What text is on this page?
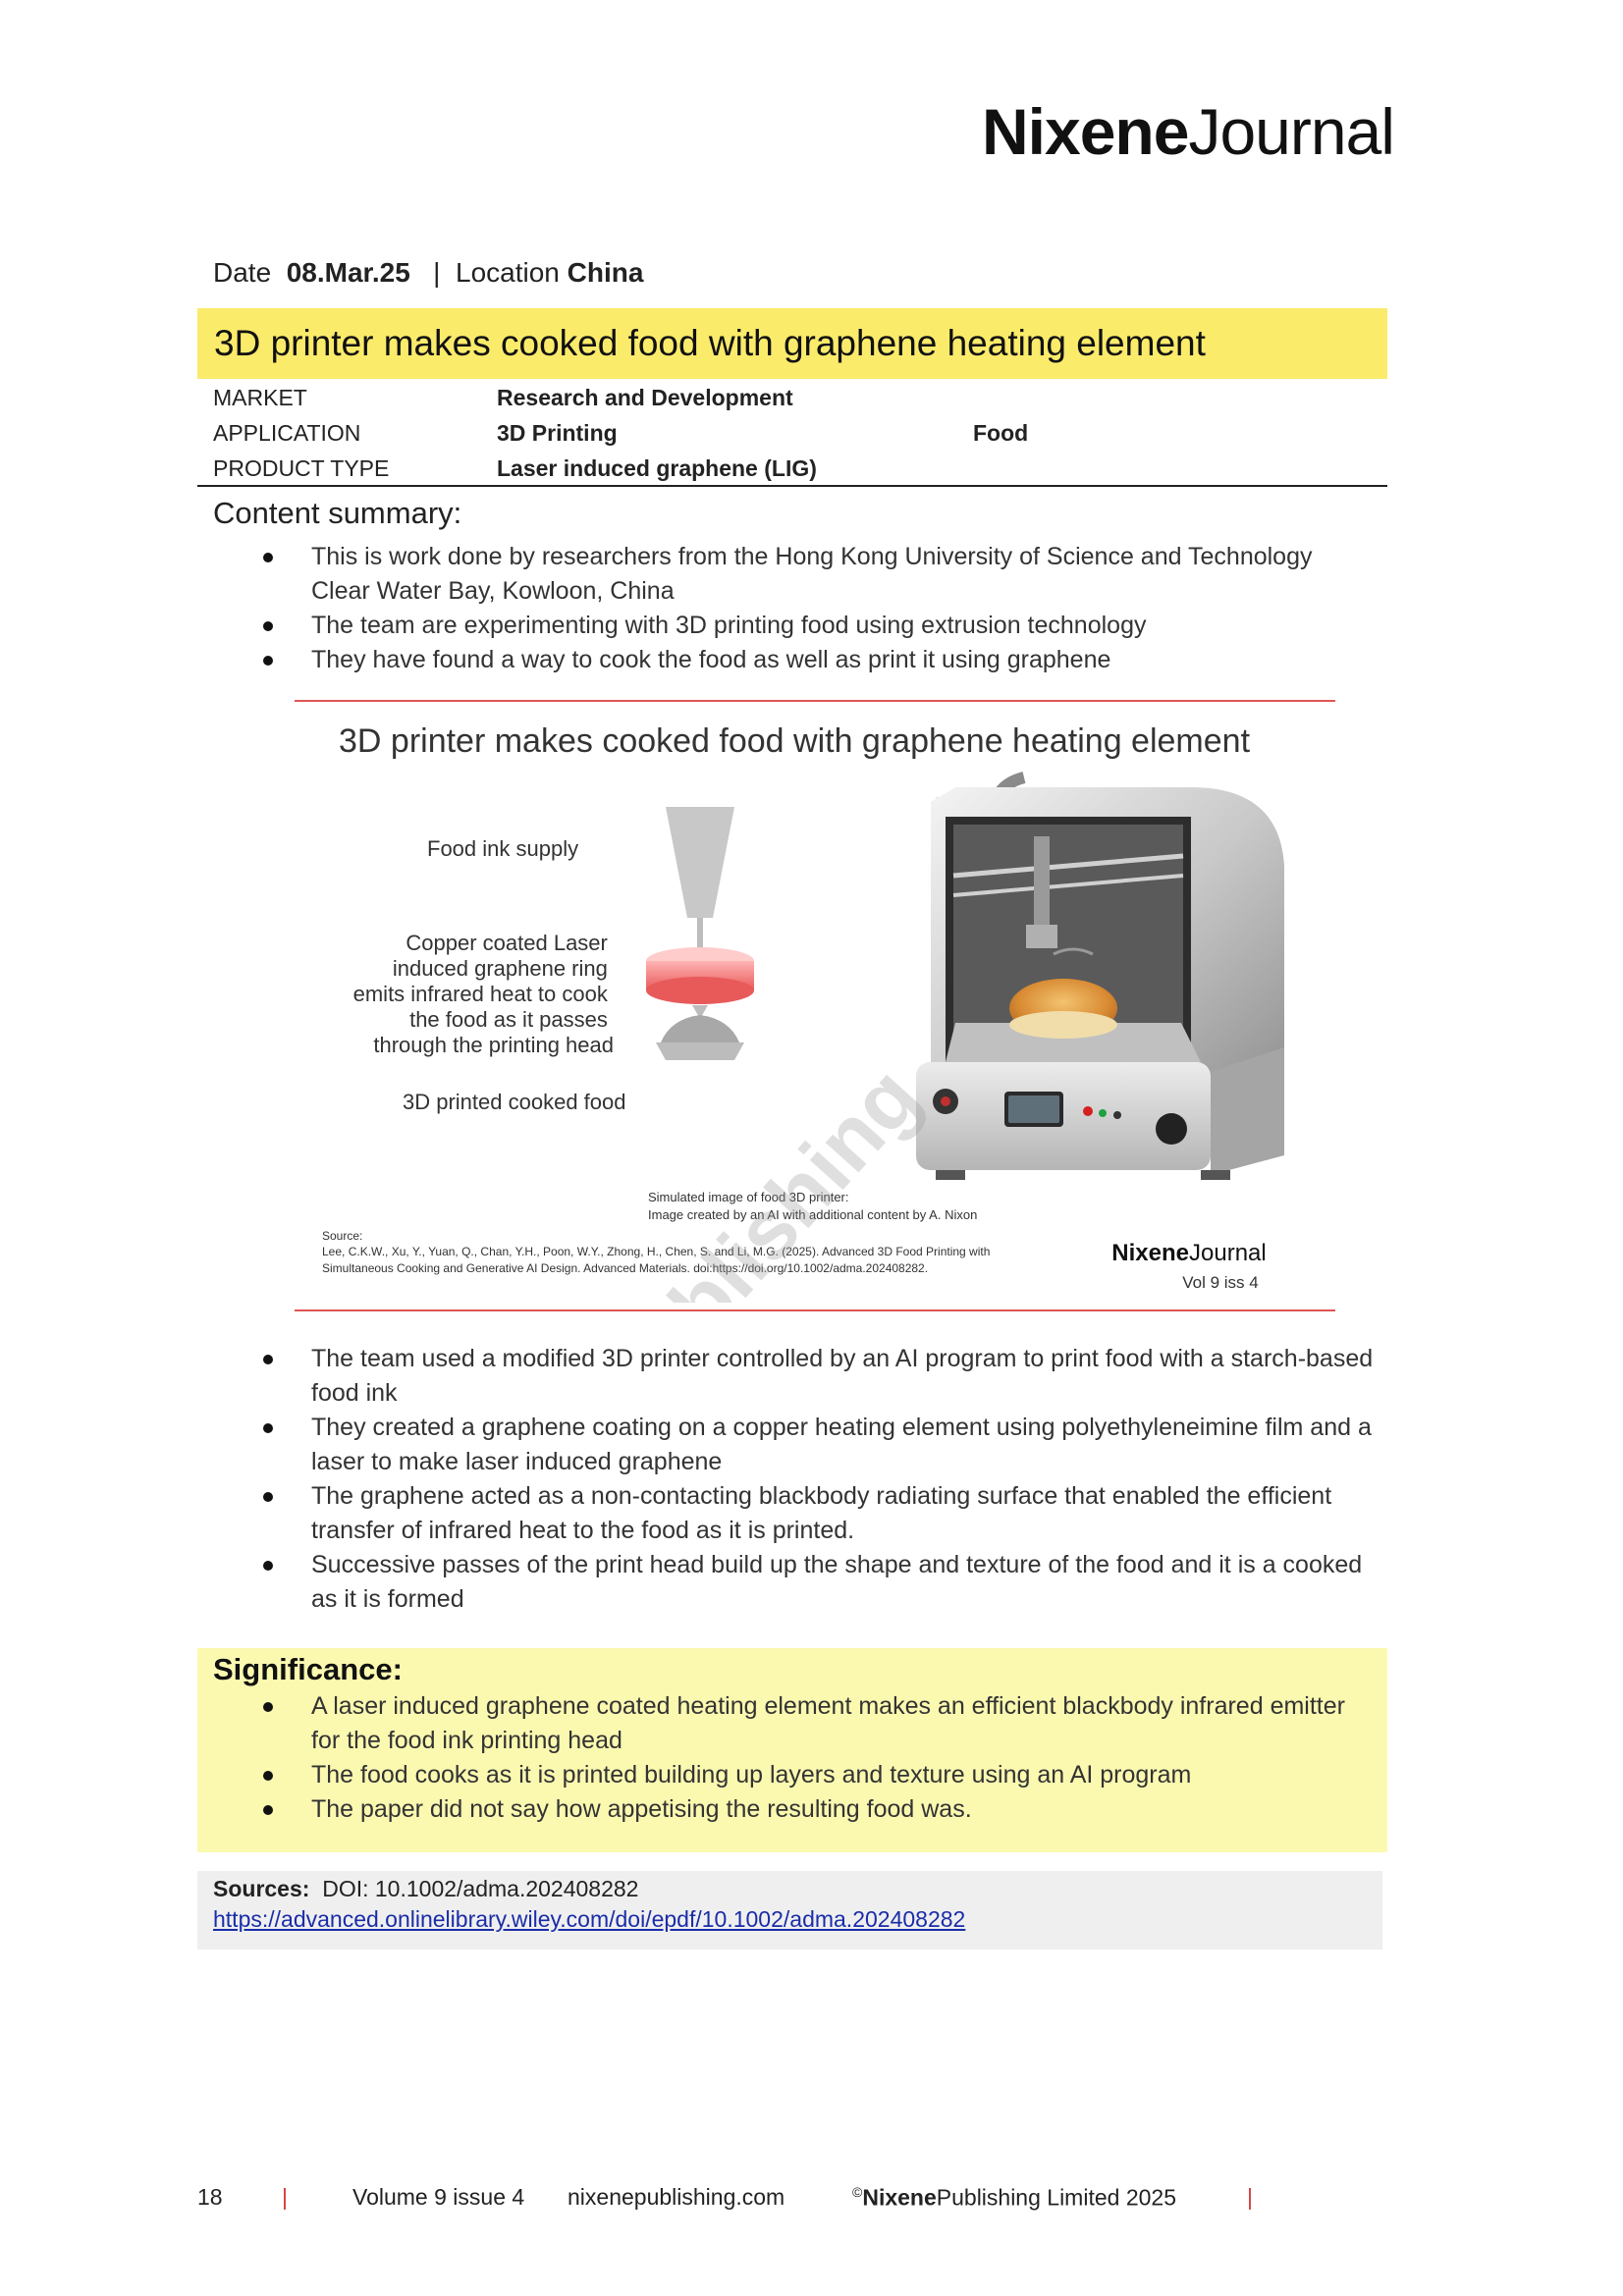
NixeneJournal
Date 08.Mar.25 | Location China
3D printer makes cooked food with graphene heating element
MARKET	Research and Development
APPLICATION	3D Printing	Food
PRODUCT TYPE	Laser induced graphene (LIG)
Content summary:
This is work done by researchers from the Hong Kong University of Science and Technology Clear Water Bay, Kowloon, China
The team are experimenting with 3D printing food using extrusion technology
They have found a way to cook the food as well as print it using graphene
3D printer makes cooked food with graphene heating element
Food ink supply
Copper coated Laser induced graphene ring emits infrared heat to cook the food as it passes through the printing head
3D printed cooked food
Simulated image of food 3D printer: Image created by an AI with additional content by A. Nixon
Source:
Lee, C.K.W., Xu, Y., Yuan, Q., Chan, Y.H., Poon, W.Y., Zhong, H., Chen, S. and Li, M.G. (2025). Advanced 3D Food Printing with Simultaneous Cooking and Generative AI Design. Advanced Materials. doi:https://doi.org/10.1002/adma.202408282.
Nixene Journal
Vol 9 iss 4
The team used a modified 3D printer controlled by an AI program to print food with a starch-based food ink
They created a graphene coating on a copper heating element using polyethyleneimine film and a laser to make laser induced graphene
The graphene acted as a non-contacting blackbody radiating surface that enabled the efficient transfer of infrared heat to the food as it is printed.
Successive passes of the print head build up the shape and texture of the food and it is a cooked as it is formed
Significance:
A laser induced graphene coated heating element makes an efficient blackbody infrared emitter for the food ink printing head
The food cooks as it is printed building up layers and texture using an AI program
The paper did not say how appetising the resulting food was.
Sources: DOI: 10.1002/adma.202408282
https://advanced.onlinelibrary.wiley.com/doi/epdf/10.1002/adma.202408282
18	|	Volume 9 issue 4 nixenepublishing.com	©NixenePublishing Limited 2025	|
